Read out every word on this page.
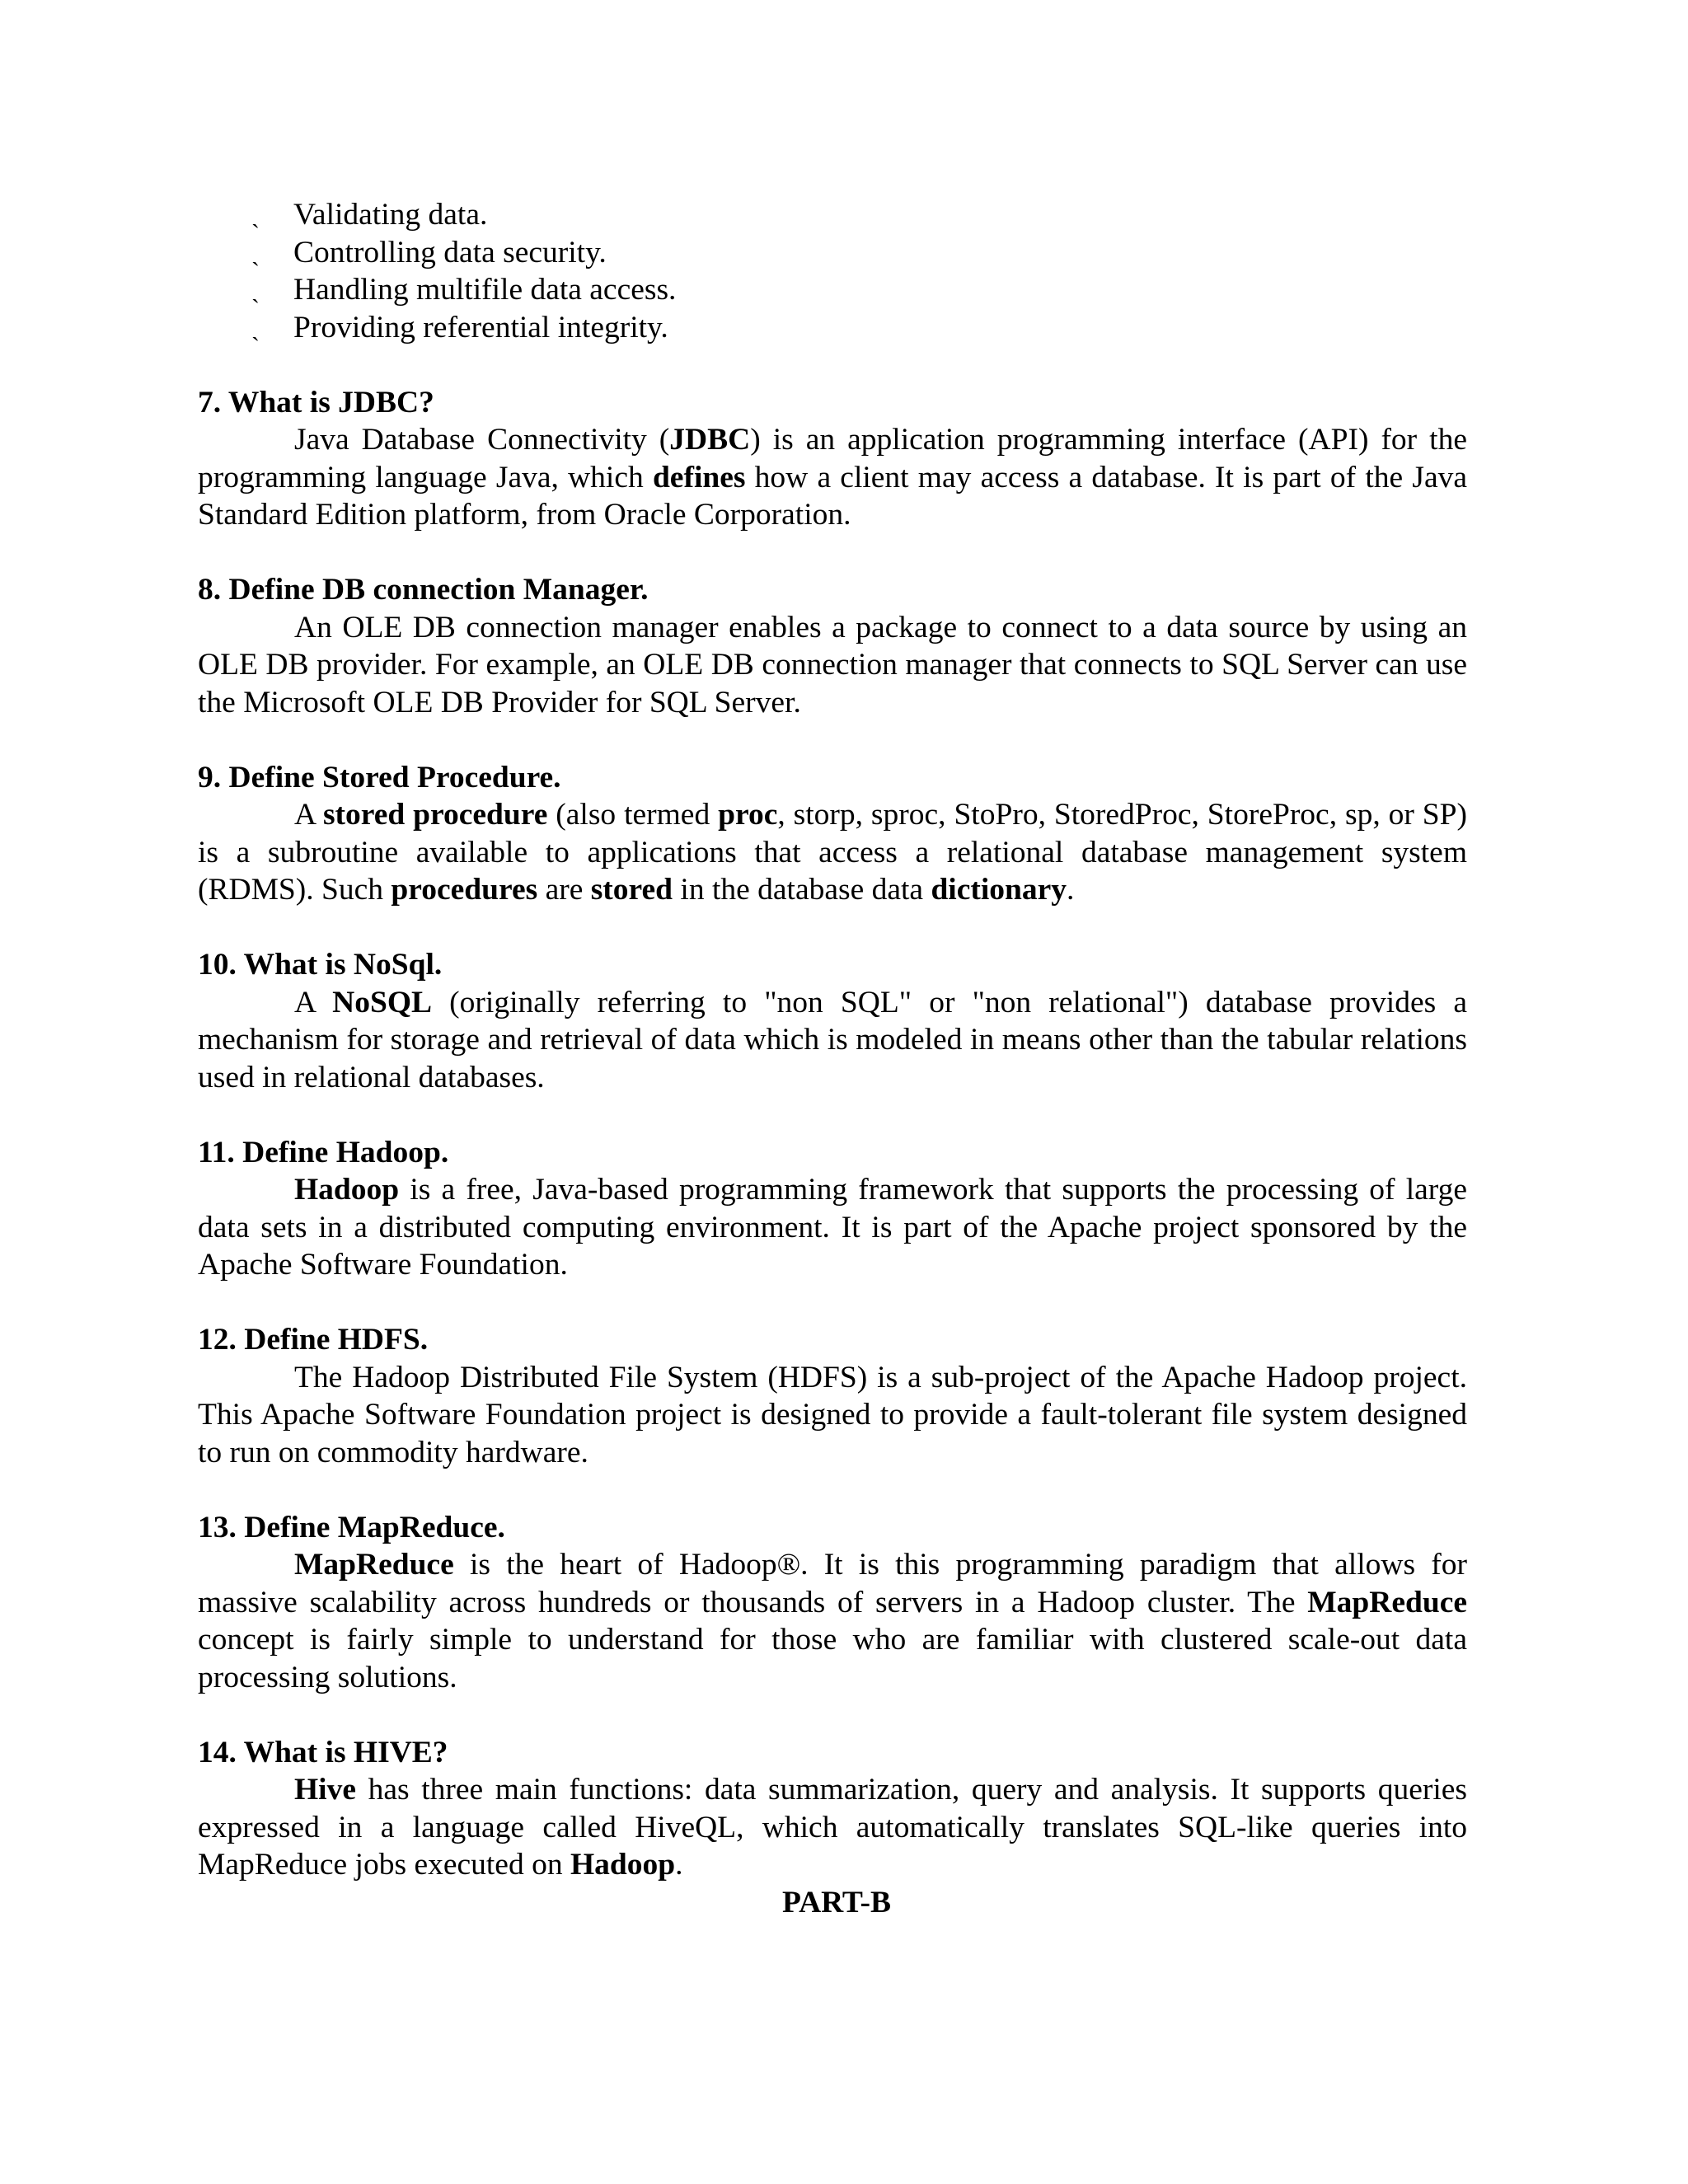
ˏ Validating data.
ˏ Controlling data security.
ˏ Handling multifile data access.
ˏ Providing referential integrity.

7. What is JDBC?

Java Database Connectivity (JDBC) is an application programming interface (API) for the programming language Java, which defines how a client may access a database. It is part of the Java Standard Edition platform, from Oracle Corporation.

8. Define DB connection Manager.

An OLE DB connection manager enables a package to connect to a data source by using an OLE DB provider. For example, an OLE DB connection manager that connects to SQL Server can use the Microsoft OLE DB Provider for SQL Server.

9. Define Stored Procedure.

A stored procedure (also termed proc, storp, sproc, StoPro, StoredProc, StoreProc, sp, or SP) is a subroutine available to applications that access a relational database management system (RDMS). Such procedures are stored in the database data dictionary.

10. What is NoSql.

A NoSQL (originally referring to "non SQL" or "non relational") database provides a mechanism for storage and retrieval of data which is modeled in means other than the tabular relations used in relational databases.

11. Define Hadoop.

Hadoop is a free, Java-based programming framework that supports the processing of large data sets in a distributed computing environment. It is part of the Apache project sponsored by the Apache Software Foundation.

12. Define HDFS.

The Hadoop Distributed File System (HDFS) is a sub-project of the Apache Hadoop project. This Apache Software Foundation project is designed to provide a fault-tolerant file system designed to run on commodity hardware.

13. Define MapReduce.

MapReduce is the heart of Hadoop®. It is this programming paradigm that allows for massive scalability across hundreds or thousands of servers in a Hadoop cluster. The MapReduce concept is fairly simple to understand for those who are familiar with clustered scale-out data processing solutions.

14. What is HIVE?

Hive has three main functions: data summarization, query and analysis. It supports queries expressed in a language called HiveQL, which automatically translates SQL-like queries into MapReduce jobs executed on Hadoop.

PART-B
